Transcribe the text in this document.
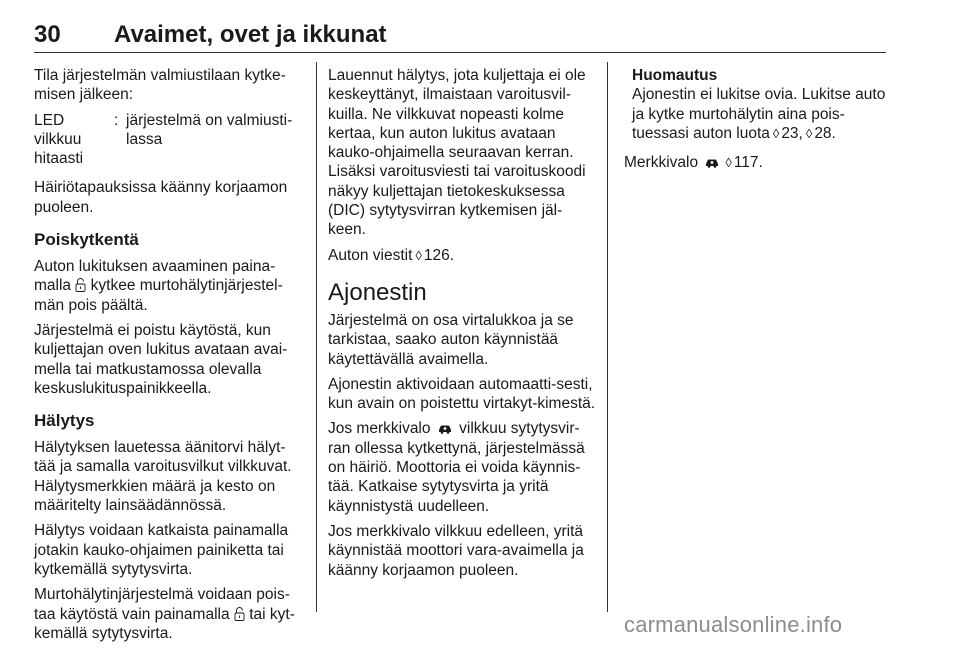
30 Avaimet, ovet ja ikkunat

Tila järjestelmän valmiustilaan kytke-misen jälkeen:

LED vilkkuu hitaasti
: järjestelmä on valmiusti-lassa

Häiriötapauksissa käänny korjaamon puoleen.

Poiskytkentä

Auton lukituksen avaaminen paina-malla kytkee murtohälytinjärjestel-män pois päältä.

Järjestelmä ei poistu käytöstä, kun kuljettajan oven lukitus avataan avai-mella tai matkustamossa olevalla keskuslukituspainikkeella.

Hälytys

Hälytyksen lauetessa äänitorvi hälyt-tää ja samalla varoitusvilkut vilkkuvat. Hälytysmerkkien määrä ja kesto on määritelty lainsäädännössä.

Hälytys voidaan katkaista painamalla jotakin kauko-ohjaimen painiketta tai kytkemällä sytytysvirta.

Murtohälytinjärjestelmä voidaan pois-taa käytöstä vain painamalla tai kyt-kemällä sytytysvirta.

Lauennut hälytys, jota kuljettaja ei ole keskeyttänyt, ilmaistaan varoitusvil-kuilla. Ne vilkkuvat nopeasti kolme kertaa, kun auton lukitus avataan kauko-ohjaimella seuraavan kerran. Lisäksi varoitusviesti tai varoituskoodi näkyy kuljettajan tietokeskuksessa (DIC) sytytysvirran kytkemisen jäl-keen.

Auton viestit ◊ 126.

Ajonestin

Järjestelmä on osa virtalukkoa ja se tarkistaa, saako auton käynnistää käytettävällä avaimella.

Ajonestin aktivoidaan automaatti-sesti, kun avain on poistettu virtakyt-kimestä.

Jos merkkivalo vilkkuu sytytysvir-ran ollessa kytkettynä, järjestelmässä on häiriö. Moottoria ei voida käynnis-tää. Katkaise sytytysvirta ja yritä käynnistystä uudelleen.

Jos merkkivalo vilkkuu edelleen, yritä käynnistää moottori vara-avaimella ja käänny korjaamon puoleen.

Huomautus
Ajonestin ei lukitse ovia. Lukitse auto ja kytke murtohälytin aina pois-tuessasi auton luota ◊ 23, ◊ 28.

Merkkivalo ◊ 117.

carmanualsonline.info
